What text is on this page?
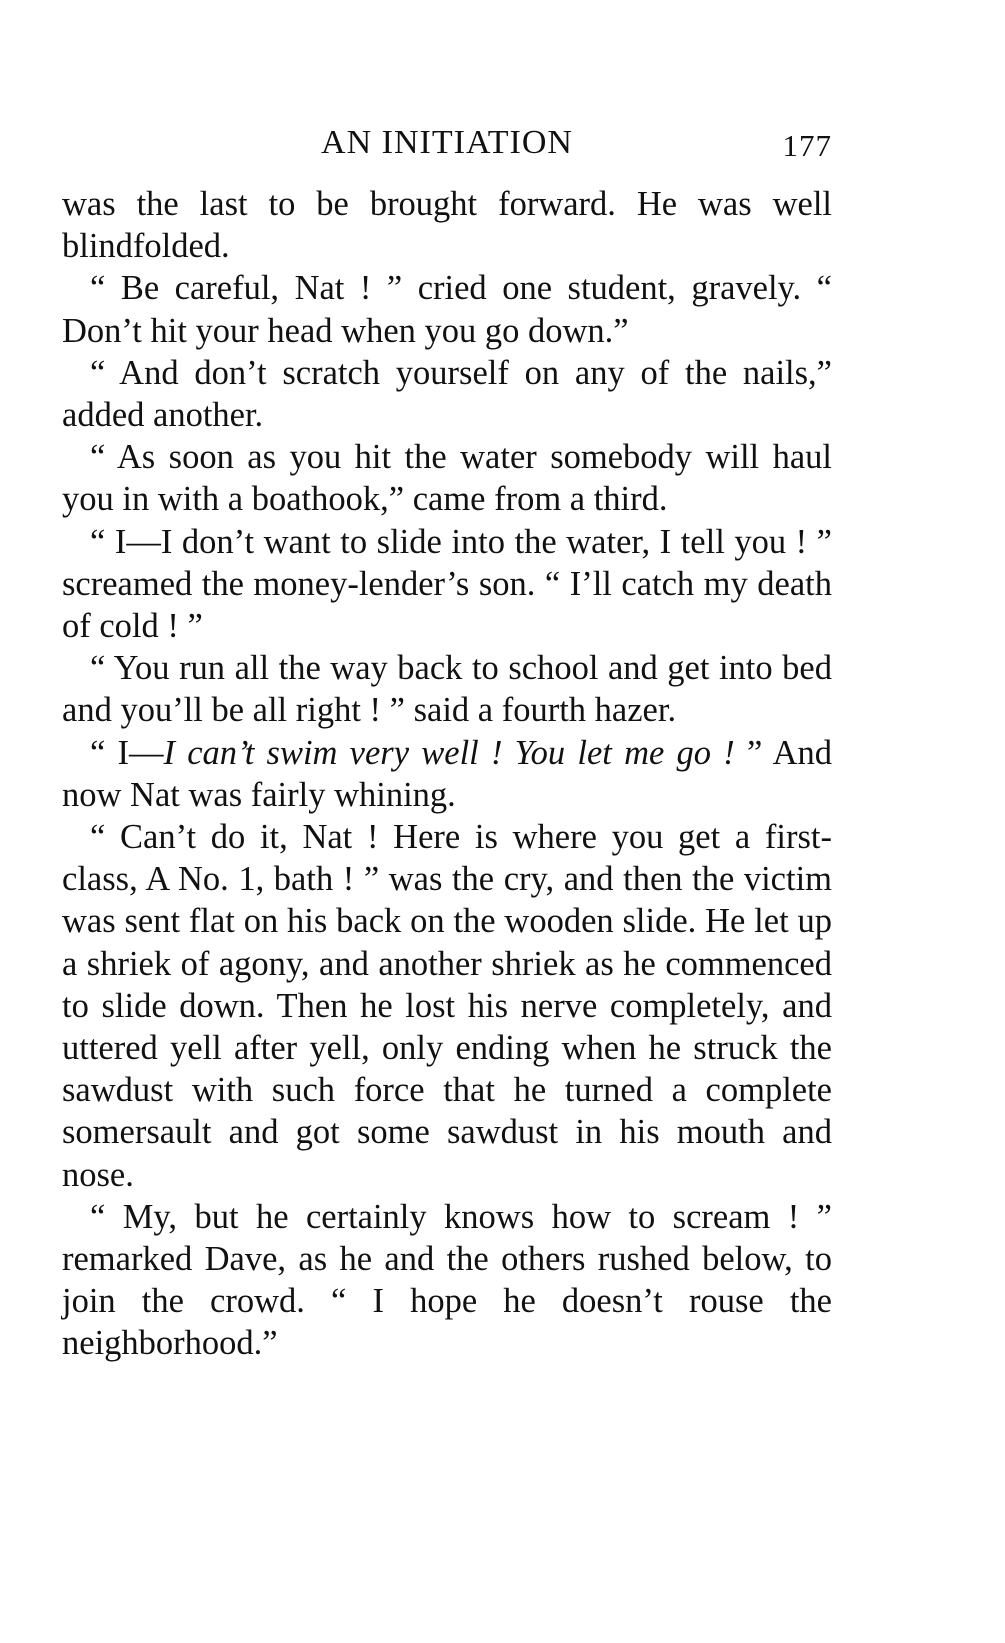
AN INITIATION	177

was the last to be brought forward. He was well blindfolded.

“ Be careful, Nat ! ” cried one student, gravely. “ Don’t hit your head when you go down.”

“ And don’t scratch yourself on any of the nails,” added another.

“ As soon as you hit the water somebody will haul you in with a boathook,” came from a third.

“ I—I don’t want to slide into the water, I tell you ! ” screamed the money-lender’s son. “ I’ll catch my death of cold ! ”

“ You run all the way back to school and get into bed and you’ll be all right ! ” said a fourth hazer.

“ I—I can’t swim very well ! You let me go ! ” And now Nat was fairly whining.

“ Can’t do it, Nat ! Here is where you get a first-class, A No. 1, bath ! ” was the cry, and then the victim was sent flat on his back on the wooden slide. He let up a shriek of agony, and another shriek as he commenced to slide down. Then he lost his nerve completely, and uttered yell after yell, only ending when he struck the sawdust with such force that he turned a complete somersault and got some sawdust in his mouth and nose.

“ My, but he certainly knows how to scream ! ” remarked Dave, as he and the others rushed below, to join the crowd. “ I hope he doesn’t rouse the neighborhood.”
